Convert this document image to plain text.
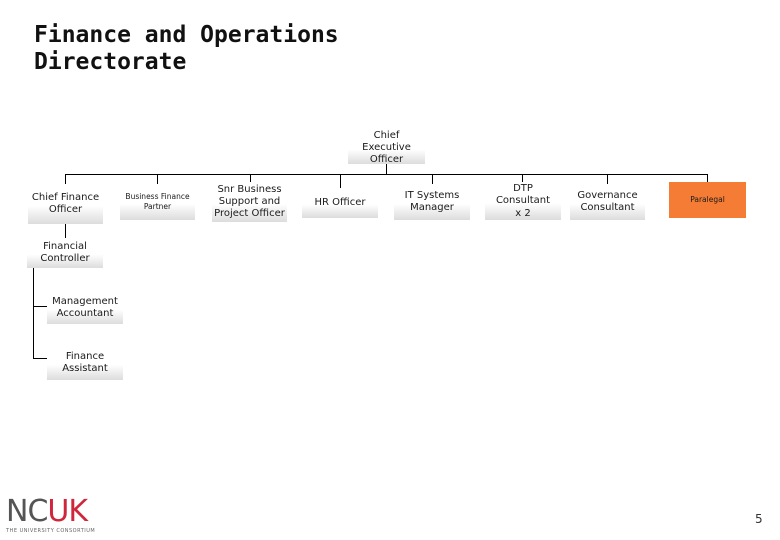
Finance and Operations
Directorate
Chief Executive
Officer
Chief Finance
Officer
Business Finance
Partner
Snr Business
Support and
Project Officer
HR Officer
IT Systems
Manager
DTP Consultant
x 2
Governance
Consultant
Paralegal
Financial
Controller
Management
Accountant
Finance
Assistant
NCUK
THE UNIVERSITY CONSORTIUM
5
